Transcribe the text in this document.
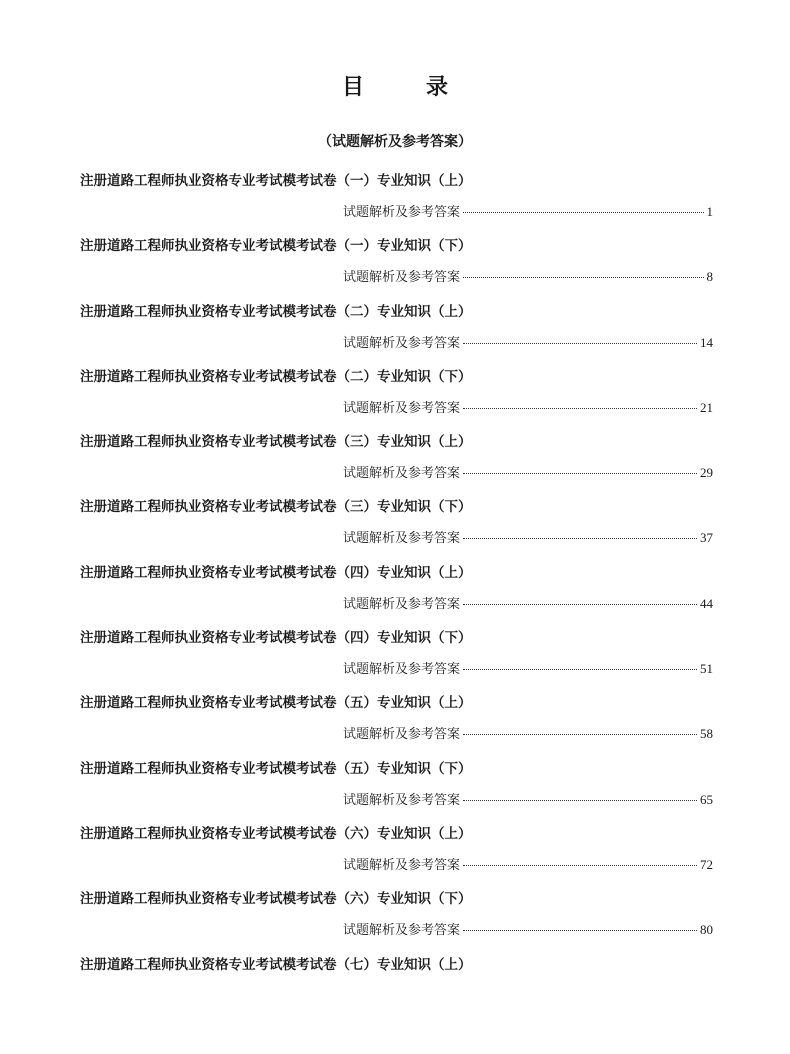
目　录
（试题解析及参考答案）
注册道路工程师执业资格专业考试模考试卷（一）专业知识（上）
试题解析及参考答案	1
注册道路工程师执业资格专业考试模考试卷（一）专业知识（下）
试题解析及参考答案	8
注册道路工程师执业资格专业考试模考试卷（二）专业知识（上）
试题解析及参考答案	14
注册道路工程师执业资格专业考试模考试卷（二）专业知识（下）
试题解析及参考答案	21
注册道路工程师执业资格专业考试模考试卷（三）专业知识（上）
试题解析及参考答案	29
注册道路工程师执业资格专业考试模考试卷（三）专业知识（下）
试题解析及参考答案	37
注册道路工程师执业资格专业考试模考试卷（四）专业知识（上）
试题解析及参考答案	44
注册道路工程师执业资格专业考试模考试卷（四）专业知识（下）
试题解析及参考答案	51
注册道路工程师执业资格专业考试模考试卷（五）专业知识（上）
试题解析及参考答案	58
注册道路工程师执业资格专业考试模考试卷（五）专业知识（下）
试题解析及参考答案	65
注册道路工程师执业资格专业考试模考试卷（六）专业知识（上）
试题解析及参考答案	72
注册道路工程师执业资格专业考试模考试卷（六）专业知识（下）
试题解析及参考答案	80
注册道路工程师执业资格专业考试模考试卷（七）专业知识（上）
